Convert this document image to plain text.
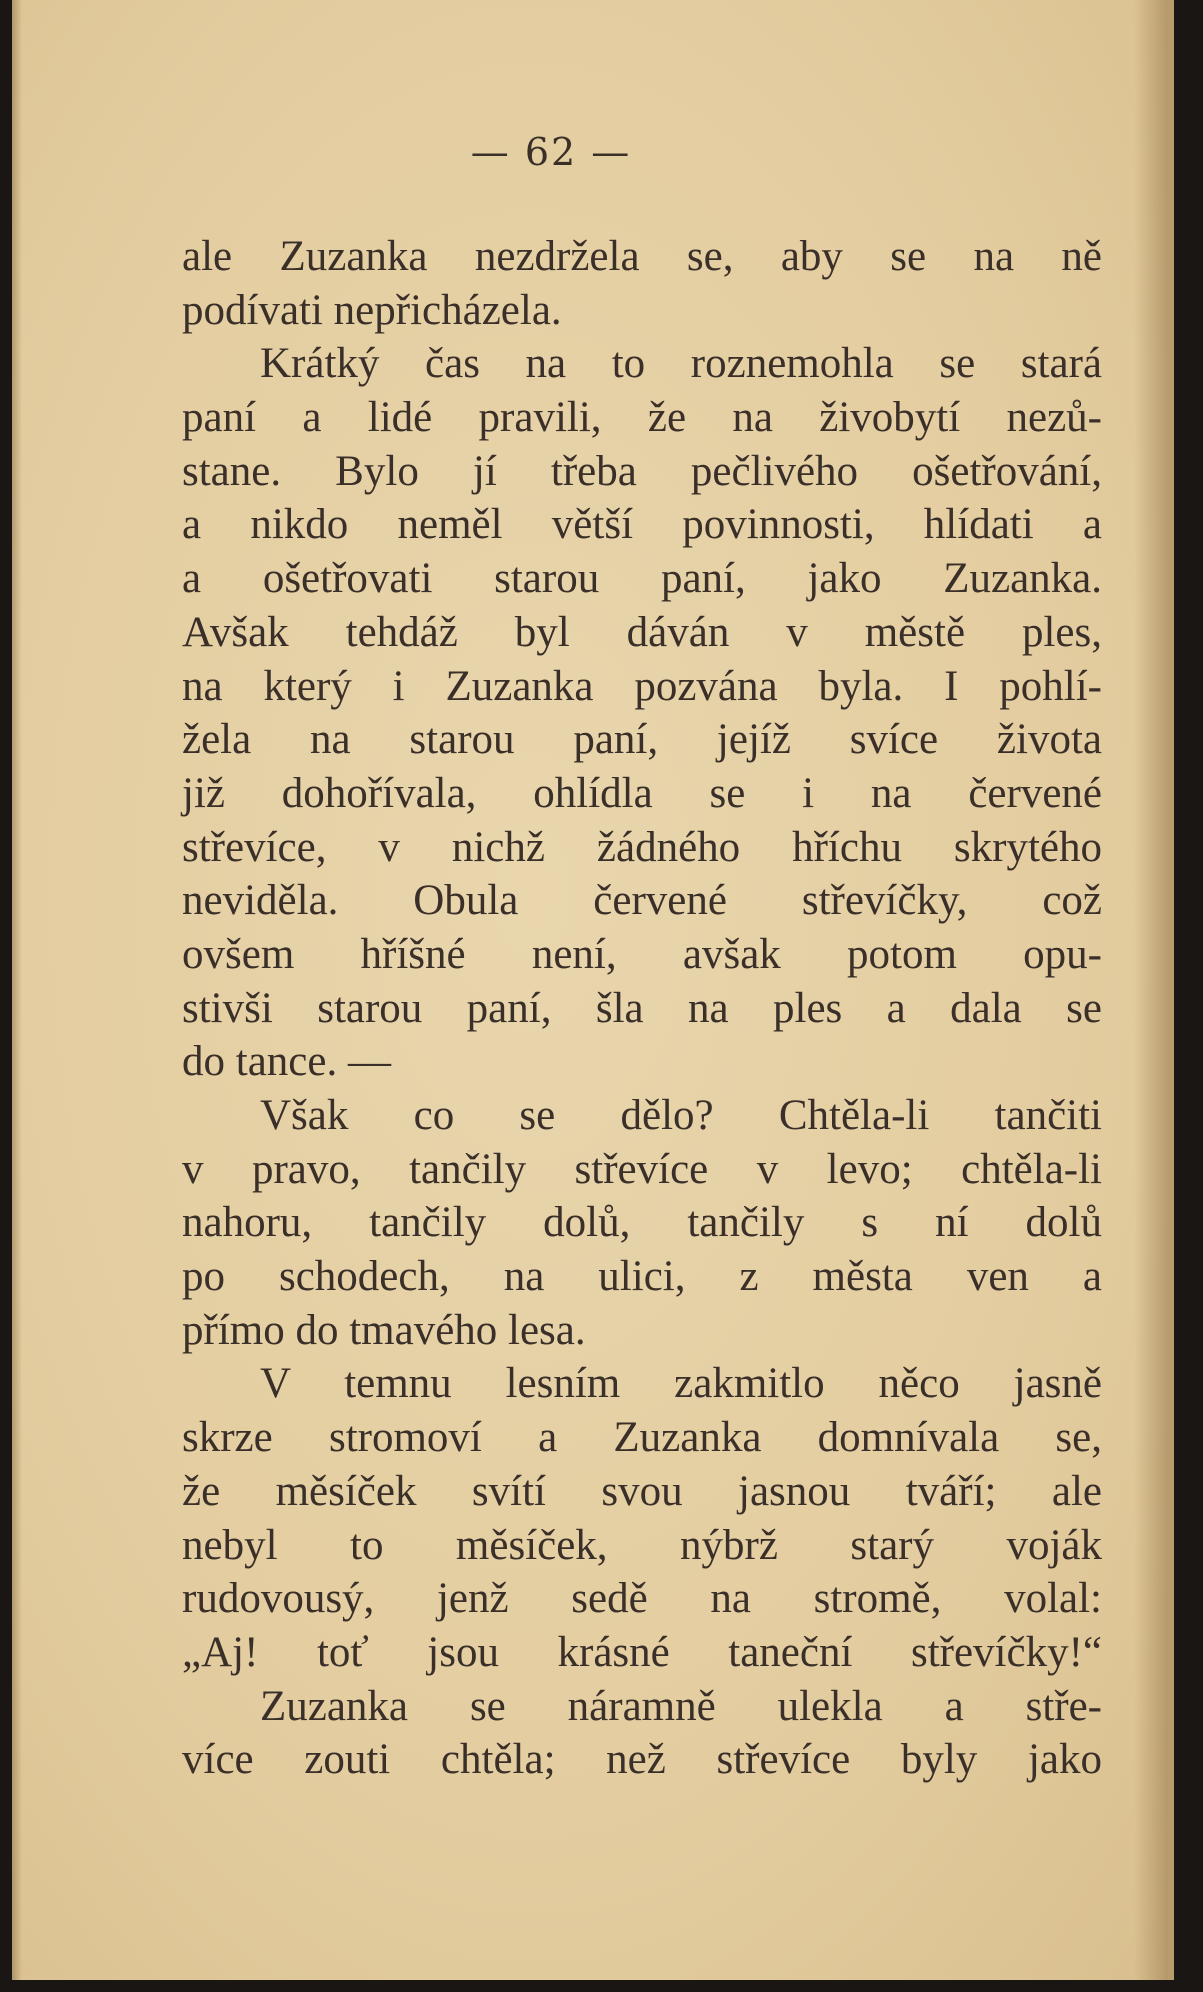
— 62 —
ale Zuzanka nezdržela se, aby se na ně
podívati nepřicházela.
Krátký čas na to roznemohla se stará
paní a lidé pravili, že na živobytí nezů-
stane. Bylo jí třeba pečlivého ošetřování,
a nikdo neměl větší povinnosti, hlídati a
a ošetřovati starou paní, jako Zuzanka.
Avšak tehdáž byl dáván v městě ples,
na který i Zuzanka pozvána byla. I pohlí-
žela na starou paní, jejíž svíce života
již dohořívala, ohlídla se i na červené
střevíce, v nichž žádného hříchu skrytého
neviděla. Obula červené střevíčky, což
ovšem hříšné není, avšak potom opu-
stivši starou paní, šla na ples a dala se
do tance. —
Však co se dělo? Chtěla-li tančiti
v pravo, tančily střevíce v levo; chtěla-li
nahoru, tančily dolů, tančily s ní dolů
po schodech, na ulici, z města ven a
přímo do tmavého lesa.
V temnu lesním zakmitlo něco jasně
skrze stromoví a Zuzanka domnívala se,
že měsíček svítí svou jasnou tváří; ale
nebyl to měsíček, nýbrž starý voják
rudovousý, jenž sedě na stromě, volal:
„Aj! toť jsou krásné taneční střevíčky!“
Zuzanka se náramně ulekla a stře-
více zouti chtěla; než střevíce byly jako
